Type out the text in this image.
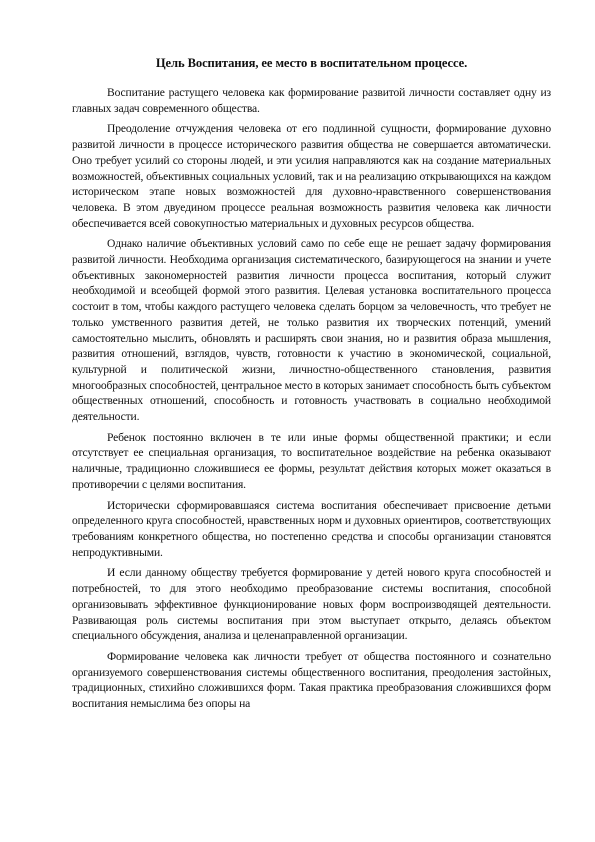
Цель Воспитания, ее место в воспитательном процессе.

Воспитание растущего человека как формирование развитой личности составляет одну из главных задач современного общества.

Преодоление отчуждения человека от его подлинной сущности, формирование духовно развитой личности в процессе исторического развития общества не совершается автоматически. Оно требует усилий со стороны людей, и эти усилия направляются как на создание материальных возможностей, объективных социальных условий, так и на реализацию открывающихся на каждом историческом этапе новых возможностей для духовно-нравственного совершенствования человека. В этом двуедином процессе реальная возможность развития человека как личности обеспечивается всей совокупностью материальных и духовных ресурсов общества.

Однако наличие объективных условий само по себе еще не решает задачу формирования развитой личности. Необходима организация систематического, базирующегося на знании и учете объективных закономерностей развития личности процесса воспитания, который служит необходимой и всеобщей формой этого развития. Целевая установка воспитательного процесса состоит в том, чтобы каждого растущего человека сделать борцом за человечность, что требует не только умственного развития детей, не только развития их творческих потенций, умений самостоятельно мыслить, обновлять и расширять свои знания, но и развития образа мышления, развития отношений, взглядов, чувств, готовности к участию в экономической, социальной, культурной и политической жизни, личностно-общественного становления, развития многообразных способностей, центральное место в которых занимает способность быть субъектом общественных отношений, способность и готовность участвовать в социально необходимой деятельности.

Ребенок постоянно включен в те или иные формы общественной практики; и если отсутствует ее специальная организация, то воспитательное воздействие на ребенка оказывают наличные, традиционно сложившиеся ее формы, результат действия которых может оказаться в противоречии с целями воспитания.

Исторически сформировавшаяся система воспитания обеспечивает присвоение детьми определенного круга способностей, нравственных норм и духовных ориентиров, соответствующих требованиям конкретного общества, но постепенно средства и способы организации становятся непродуктивными.

И если данному обществу требуется формирование у детей нового круга способностей и потребностей, то для этого необходимо преобразование системы воспитания, способной организовывать эффективное функционирование новых форм воспроизводящей деятельности. Развивающая роль системы воспитания при этом выступает открыто, делаясь объектом специального обсуждения, анализа и целенаправленной организации.

Формирование человека как личности требует от общества постоянного и сознательно организуемого совершенствования системы общественного воспитания, преодоления застойных, традиционных, стихийно сложившихся форм. Такая практика преобразования сложившихся форм воспитания немыслима без опоры на
